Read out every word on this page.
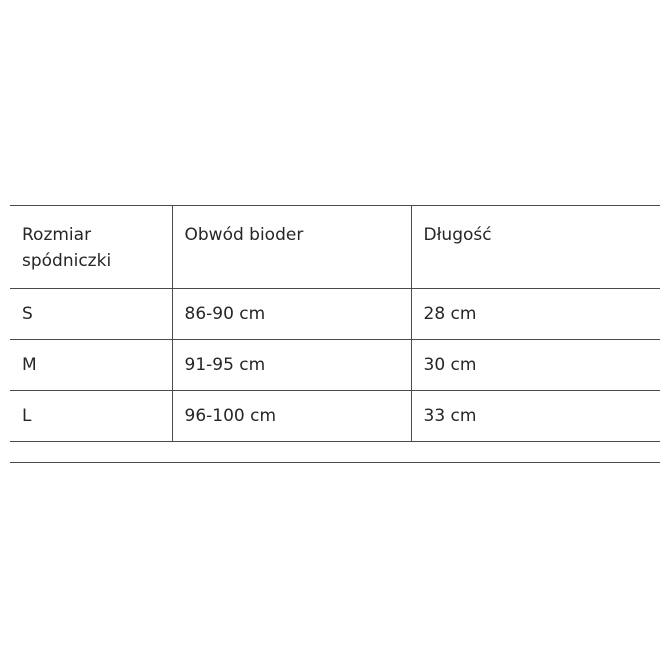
Rozmiar
spódniczki	Obwód bioder	Długość
S	86-90 cm	28 cm
M	91-95 cm	30 cm
L	96-100 cm	33 cm
